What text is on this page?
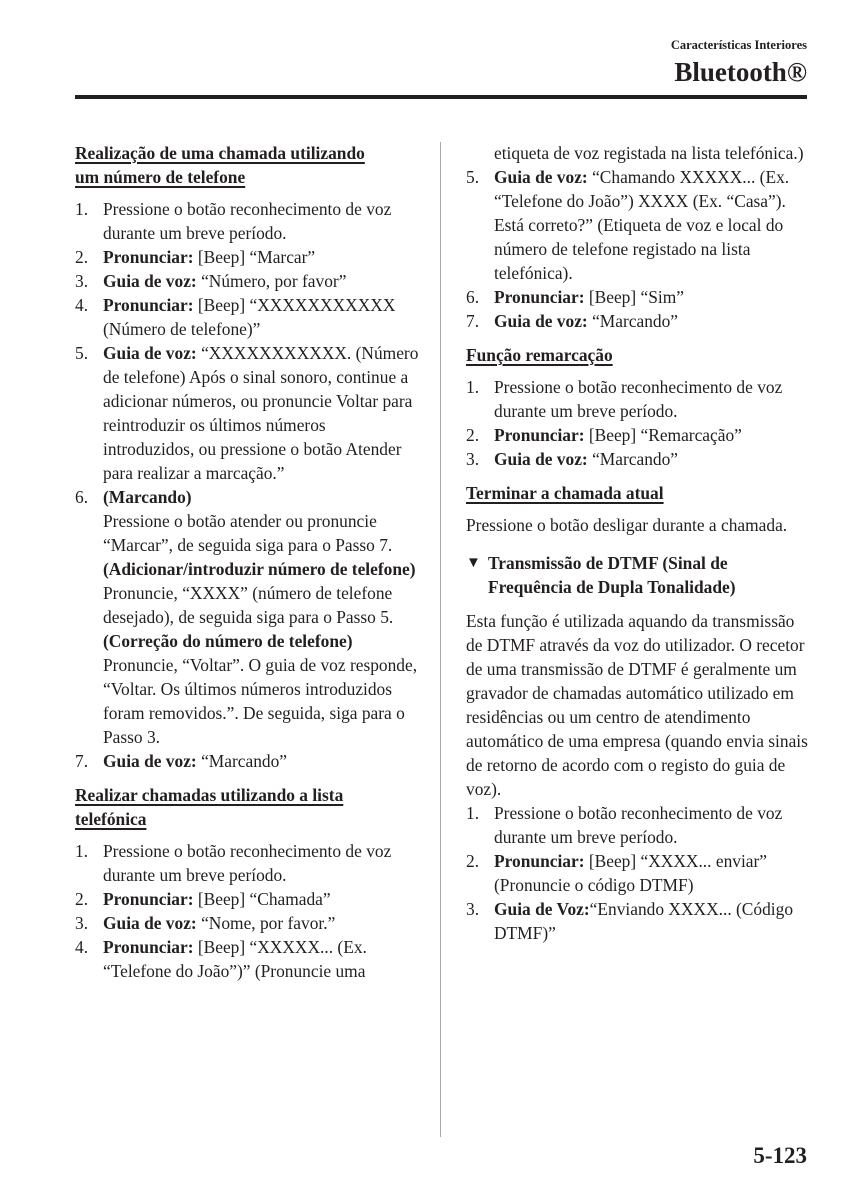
Características Interiores
Bluetooth®
Realização de uma chamada utilizando
um número de telefone
1. Pressione o botão reconhecimento de voz durante um breve período.
2. Pronunciar: [Beep] “Marcar”
3. Guia de voz: “Número, por favor”
4. Pronunciar: [Beep] “XXXXXXXXXXX (Número de telefone)”
5. Guia de voz: “XXXXXXXXXXX. (Número de telefone) Após o sinal sonoro, continue a adicionar números, ou pronuncie Voltar para reintroduzir os últimos números introduzidos, ou pressione o botão Atender para realizar a marcação.”
6. (Marcando)
Pressione o botão atender ou pronuncie “Marcar”, de seguida siga para o Passo 7.
(Adicionar/introduzir número de telefone)
Pronuncie, “XXXX” (número de telefone desejado), de seguida siga para o Passo 5.
(Correção do número de telefone)
Pronuncie, “Voltar”. O guia de voz responde, “Voltar. Os últimos números introduzidos foram removidos.”. De seguida, siga para o Passo 3.
7. Guia de voz: “Marcando”
Realizar chamadas utilizando a lista
telefónica
1. Pressione o botão reconhecimento de voz durante um breve período.
2. Pronunciar: [Beep] “Chamada”
3. Guia de voz: “Nome, por favor.”
4. Pronunciar: [Beep] “XXXXX... (Ex. “Telefone do João”)” (Pronuncie uma
etiqueta de voz registada na lista telefónica.)
5. Guia de voz: “Chamando XXXXX... (Ex. “Telefone do João”) XXXX (Ex. “Casa”). Está correto?” (Etiqueta de voz e local do número de telefone registado na lista telefónica).
6. Pronunciar: [Beep] “Sim”
7. Guia de voz: “Marcando”
Função remarcação
1. Pressione o botão reconhecimento de voz durante um breve período.
2. Pronunciar: [Beep] “Remarcação”
3. Guia de voz: “Marcando”
Terminar a chamada atual

Pressione o botão desligar durante a chamada.

▼ Transmissão de DTMF (Sinal de Frequência de Dupla Tonalidade)

Esta função é utilizada aquando da transmissão de DTMF através da voz do utilizador. O recetor de uma transmissão de DTMF é geralmente um gravador de chamadas automático utilizado em residências ou um centro de atendimento automático de uma empresa (quando envia sinais de retorno de acordo com o registo do guia de voz).

1. Pressione o botão reconhecimento de voz durante um breve período.
2. Pronunciar: [Beep] “XXXX... enviar” (Pronuncie o código DTMF)
3. Guia de Voz:“Enviando XXXX... (Código DTMF)”
5-123
